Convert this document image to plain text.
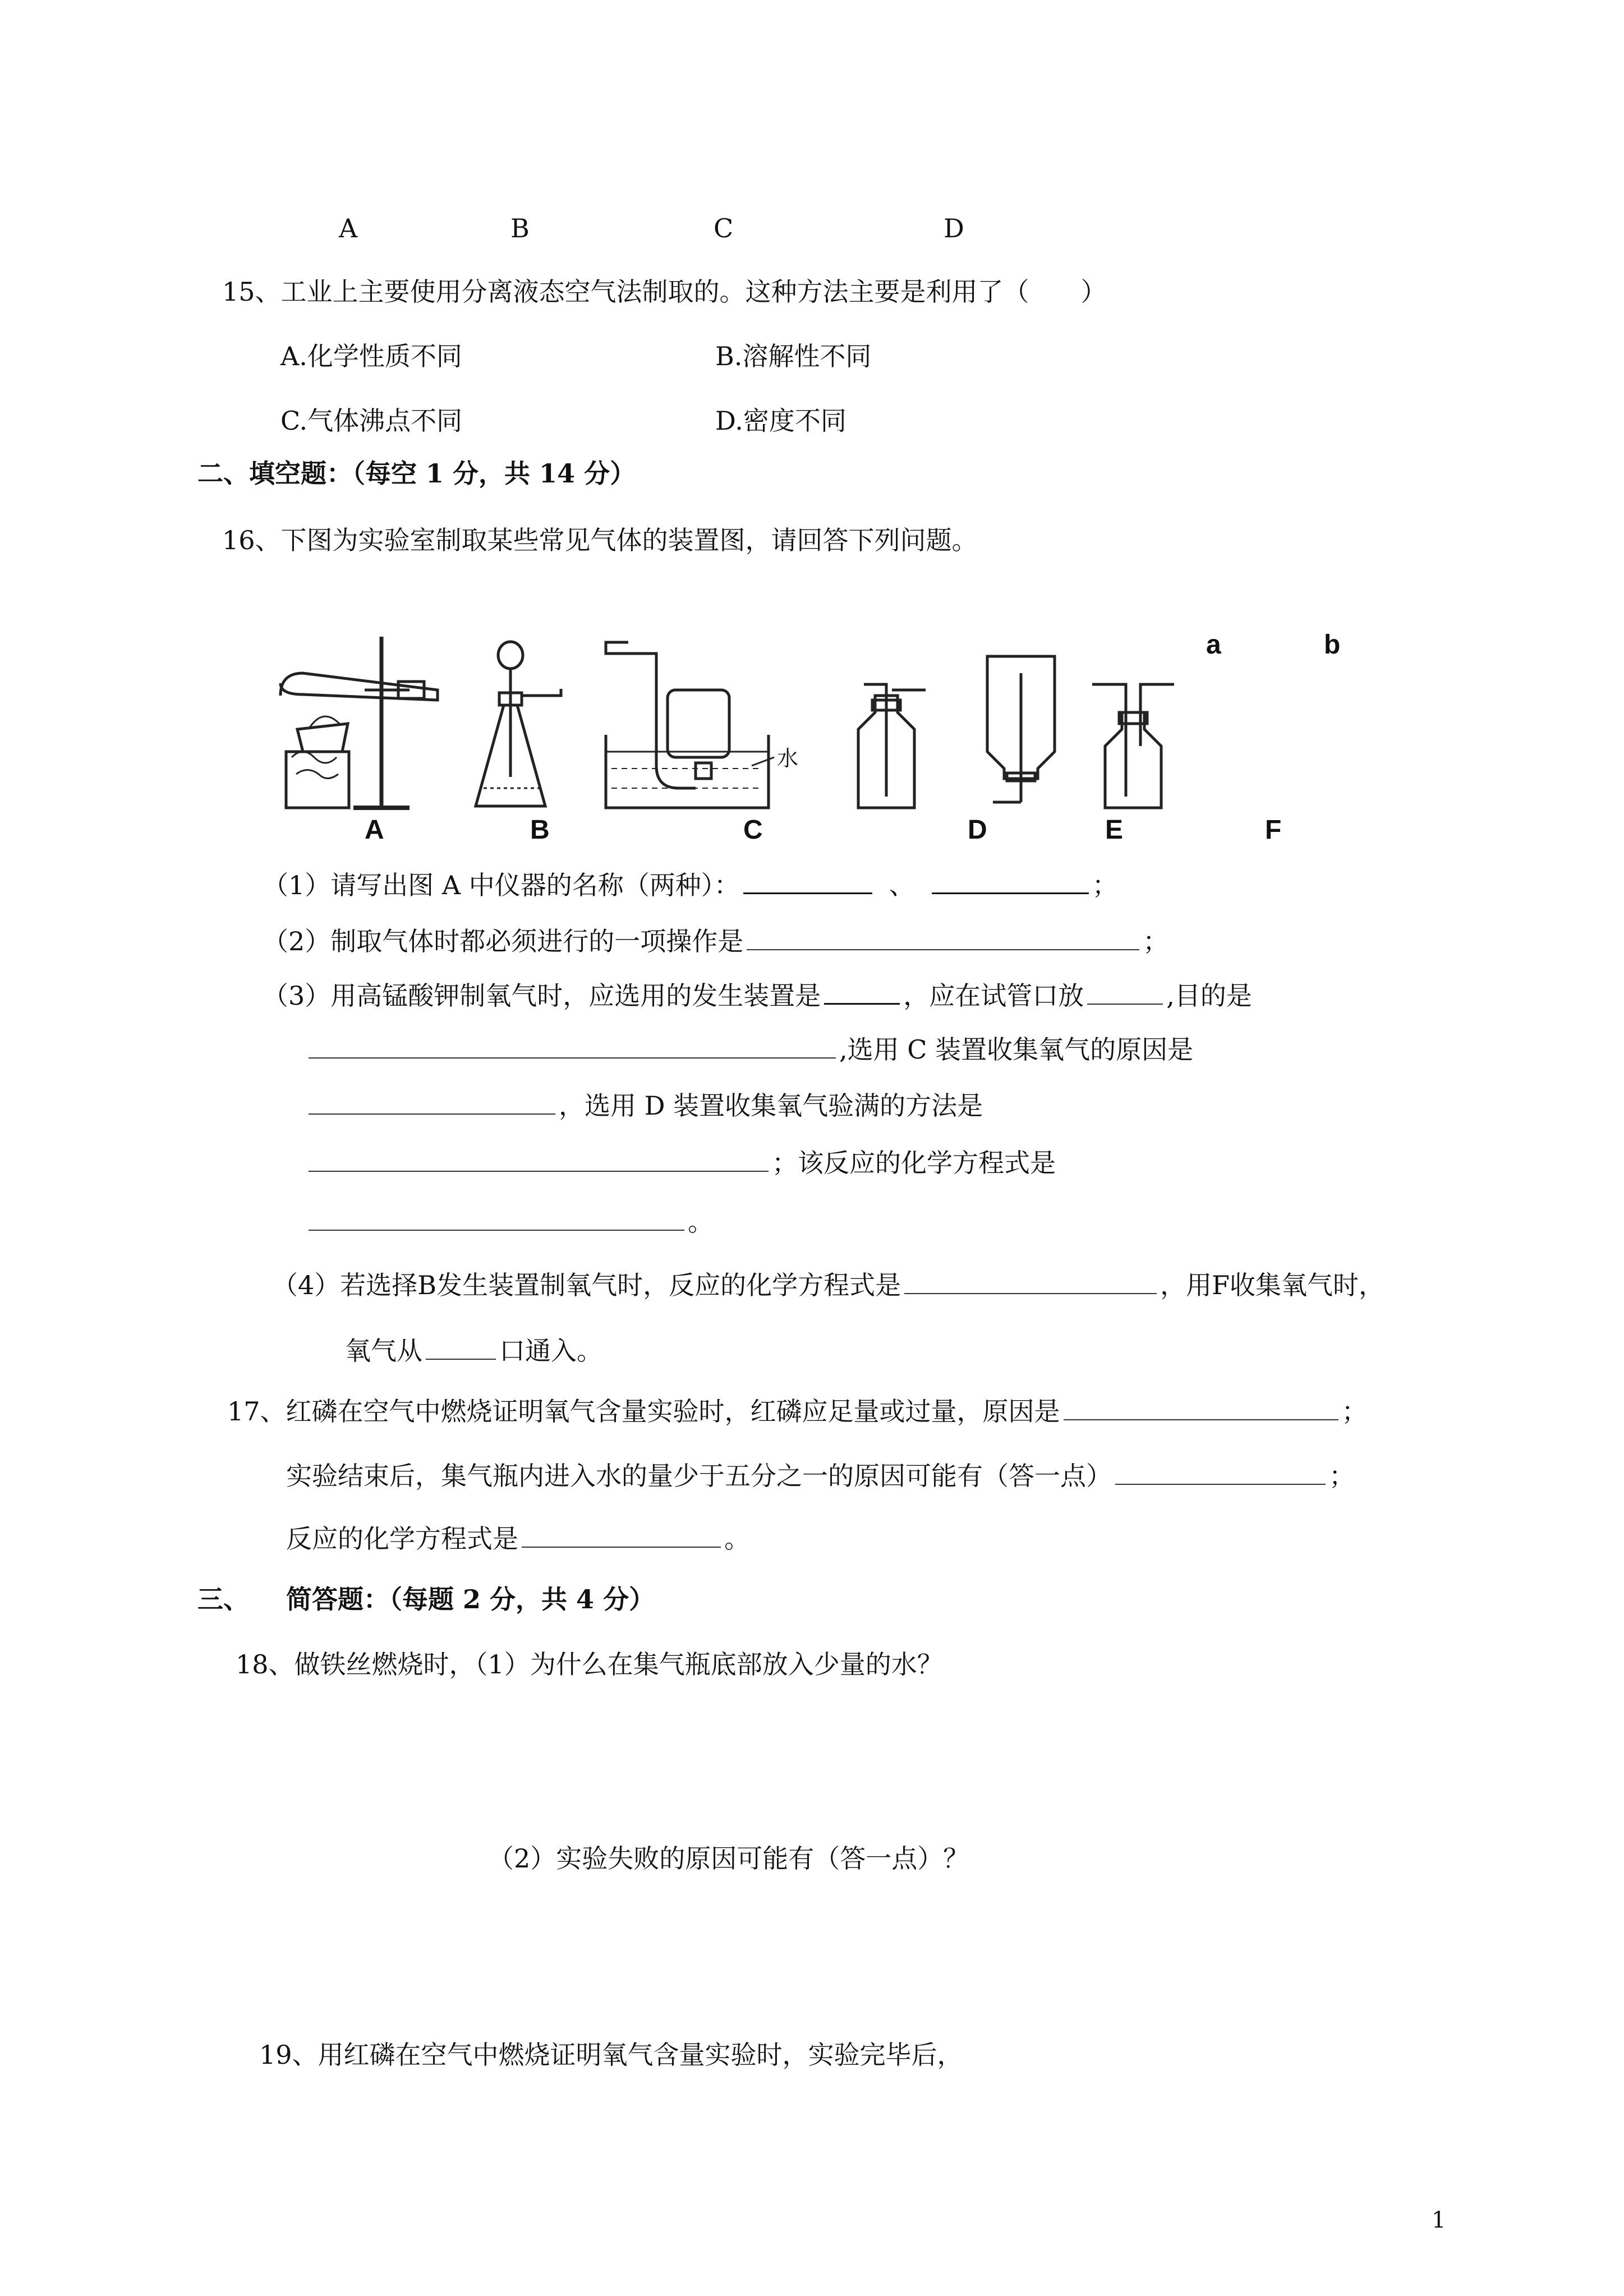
A	B	C	D
15、工业上主要使用分离液态空气法制取的。这种方法主要是利用了（　　）
A.化学性质不同	B.溶解性不同
C.气体沸点不同	D.密度不同
二、填空题：（每空 1 分，共 14 分）
16、下图为实验室制取某些常见气体的装置图，请回答下列问题。
A	B	C	D	E	F
a	b
水
（1）请写出图 A 中仪器的名称（两种）：	、	；
（2）制取气体时都必须进行的一项操作是	；
（3）用高锰酸钾制氧气时，应选用的发生装置是	，应在试管口放	,目的是
,选用 C 装置收集氧气的原因是
，选用 D 装置收集氧气验满的方法是
；该反应的化学方程式是
。
（4）若选择B发生装置制氧气时，反应的化学方程式是	，用F收集氧气时，
氧气从	口通入。
17、红磷在空气中燃烧证明氧气含量实验时，红磷应足量或过量，原因是	；
实验结束后，集气瓶内进入水的量少于五分之一的原因可能有（答一点）	；
反应的化学方程式是	。
三、 简答题：（每题 2 分，共 4 分）
18、做铁丝燃烧时，（1）为什么在集气瓶底部放入少量的水？
（2）实验失败的原因可能有（答一点）？
19、用红磷在空气中燃烧证明氧气含量实验时，实验完毕后，
1
